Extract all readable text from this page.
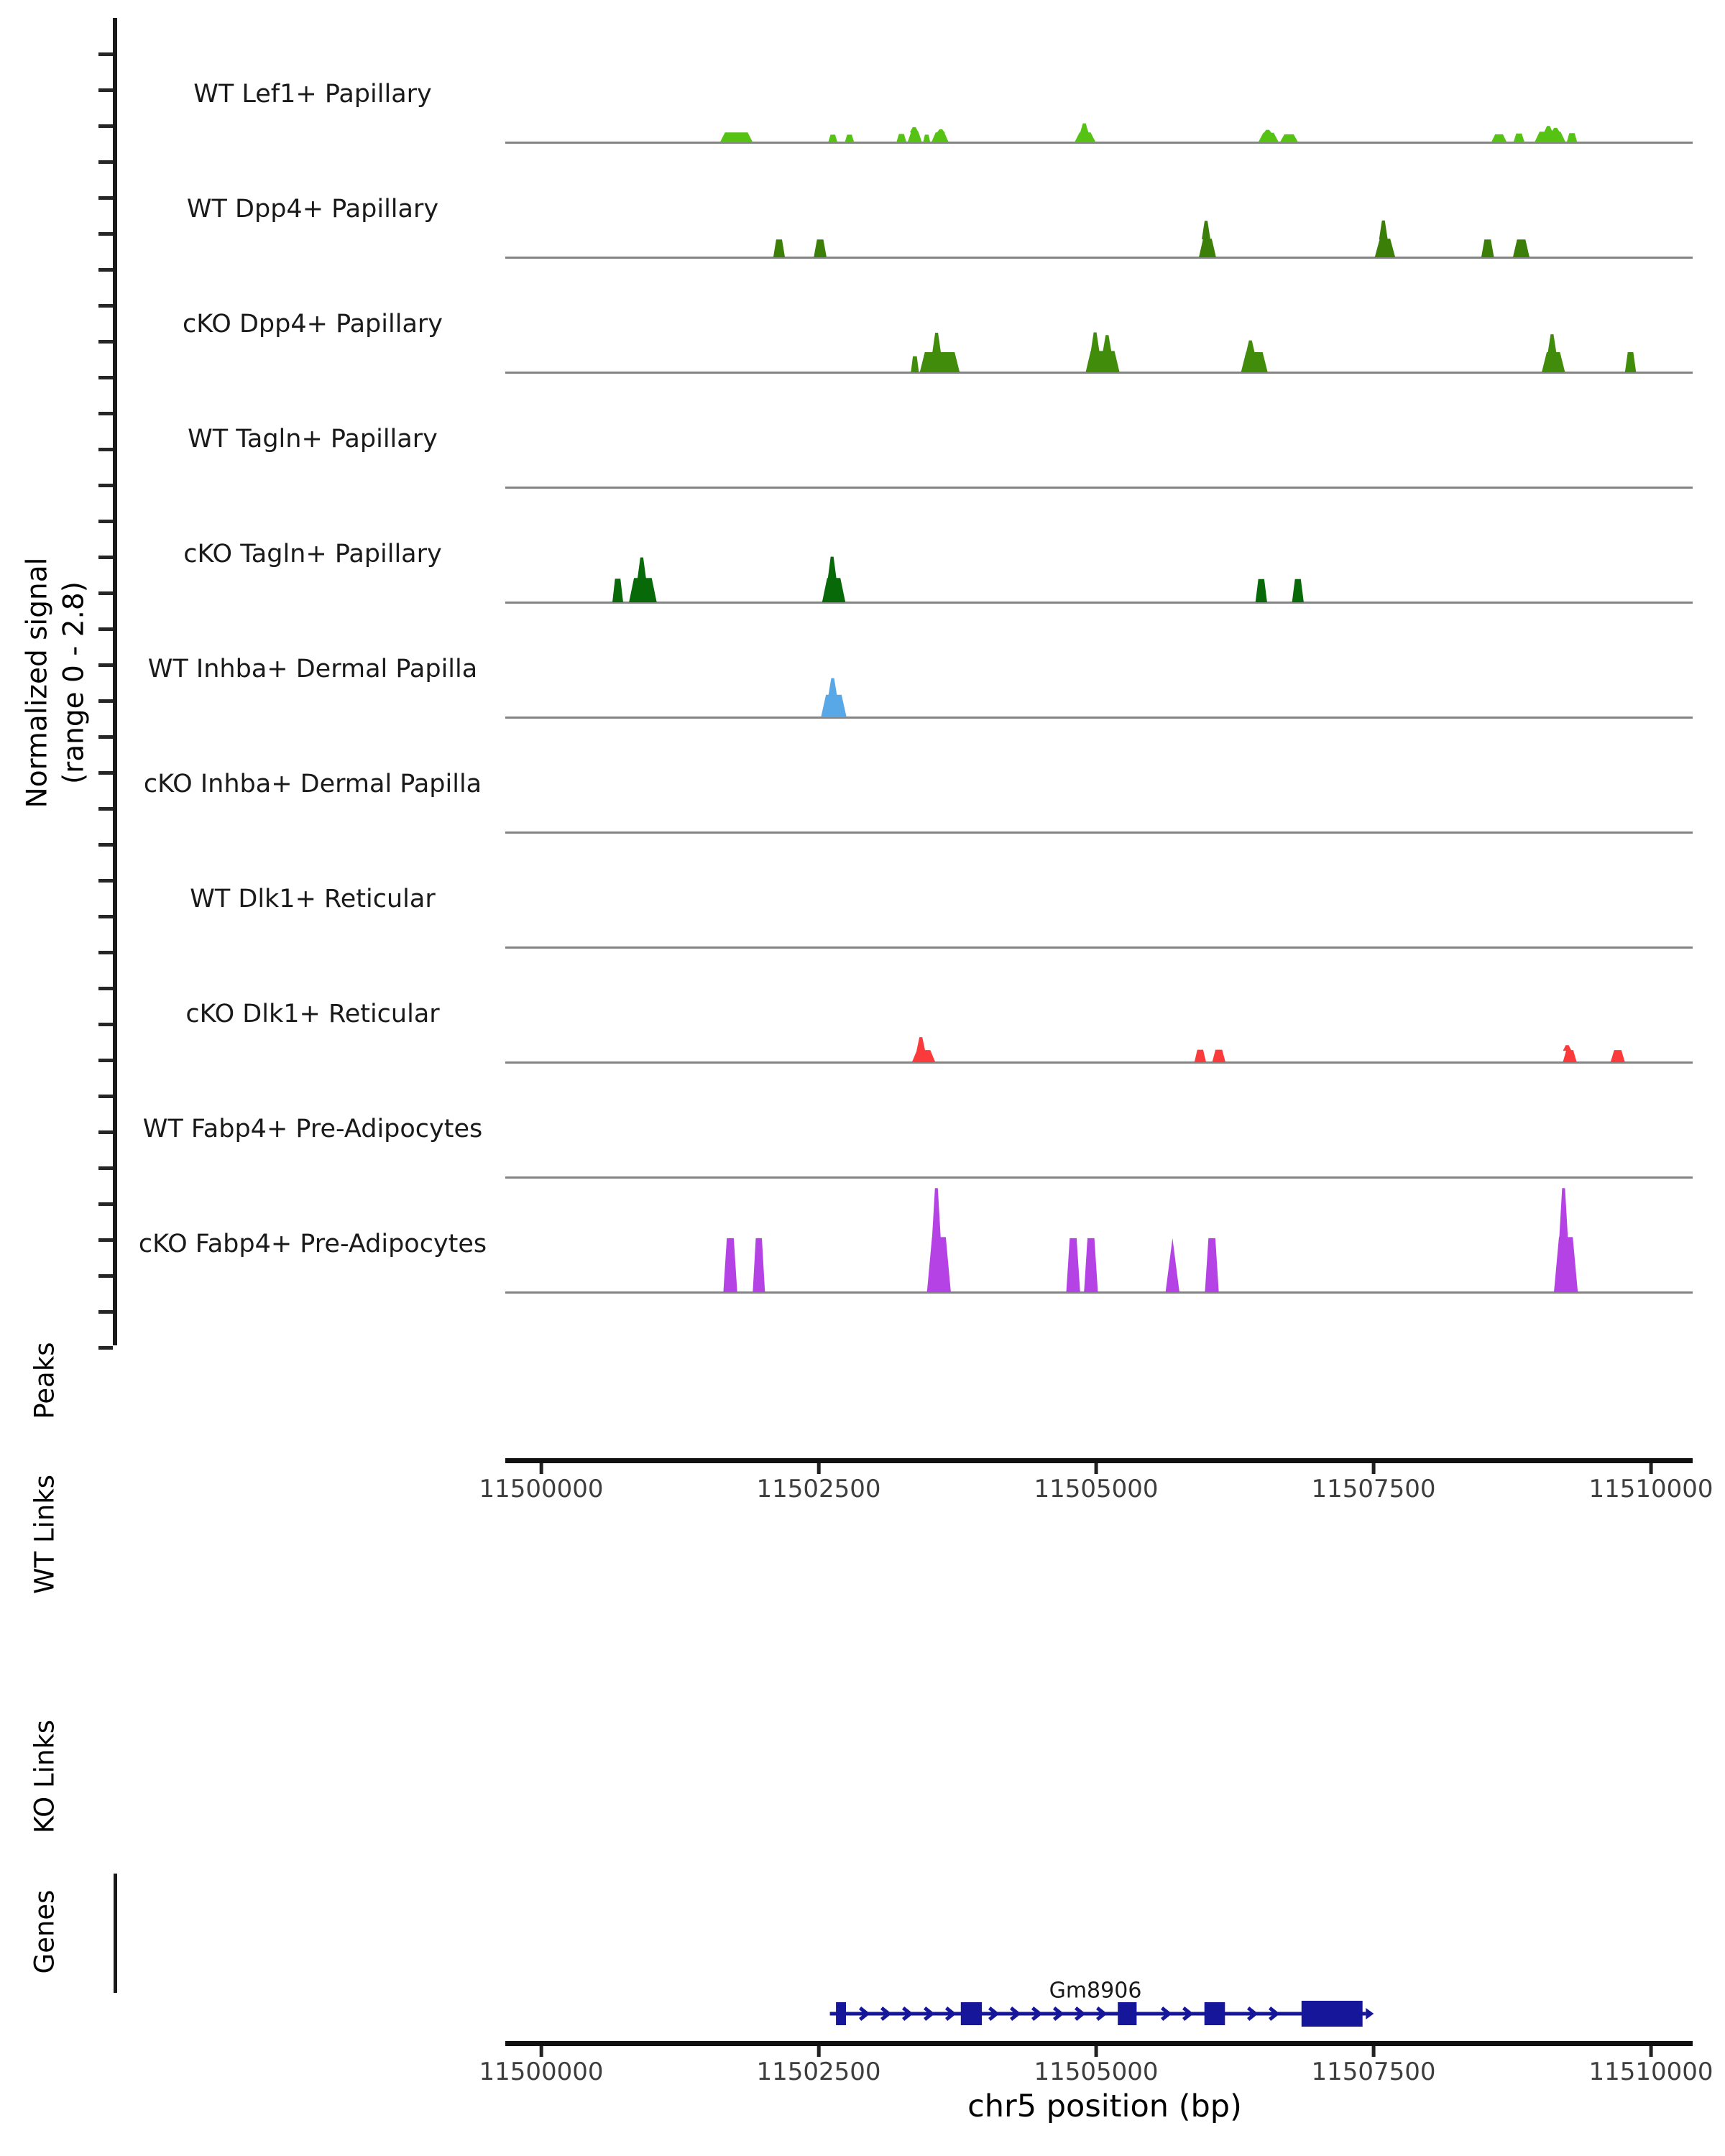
Normalized signal (range 0 - 2.8)
Peaks
WT Links
KO Links
Genes
WT Lef1+ Papillary
WT Dpp4+ Papillary
cKO Dpp4+ Papillary
WT Tagln+ Papillary
cKO Tagln+ Papillary
WT Inhba+ Dermal Papilla
cKO Inhba+ Dermal Papilla
WT Dlk1+ Reticular
cKO Dlk1+ Reticular
WT Fabp4+ Pre-Adipocytes
cKO Fabp4+ Pre-Adipocytes
11500000	11502500	11505000	11507500	11510000
Gm8906
11500000	11502500	11505000	11507500	11510000
chr5 position (bp)
